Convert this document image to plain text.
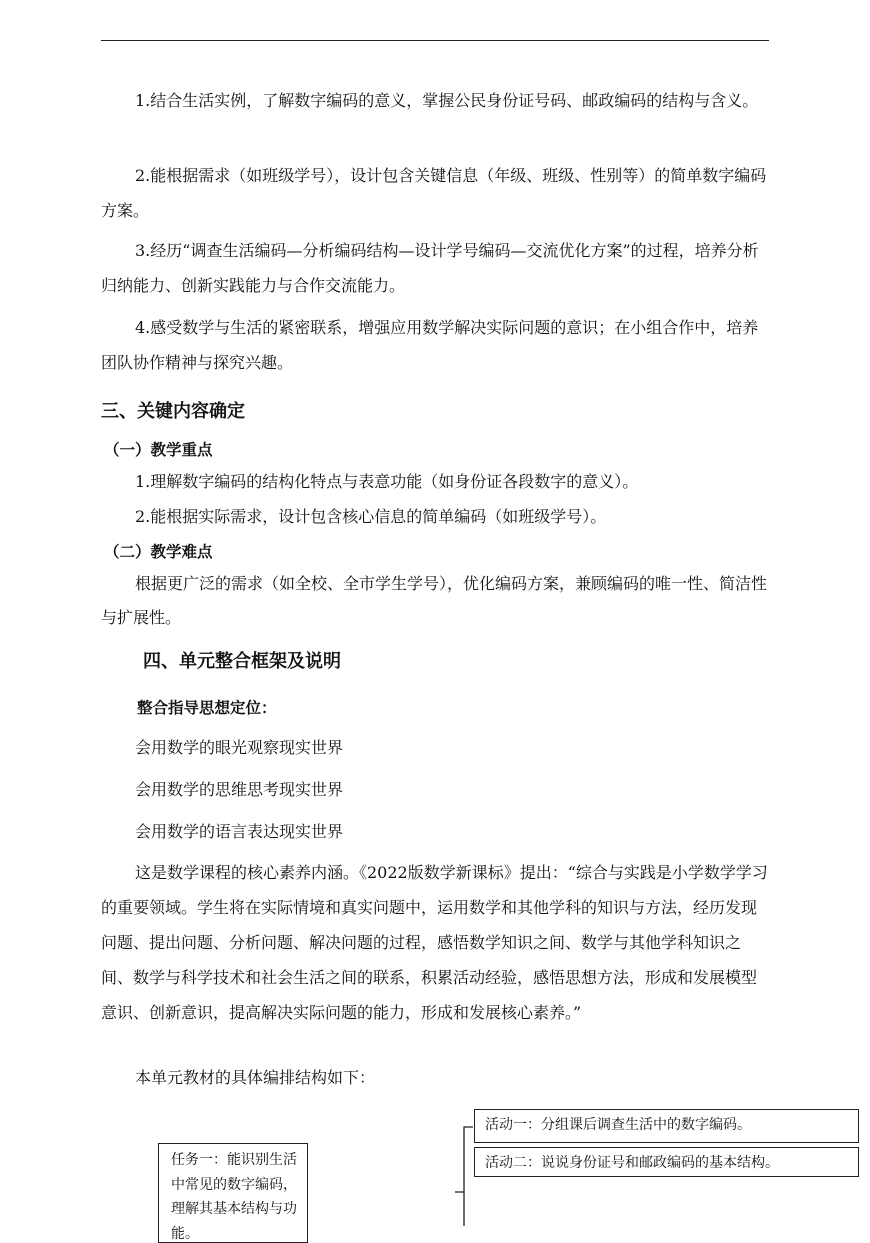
1.结合生活实例，了解数字编码的意义，掌握公民身份证号码、邮政编码的结构与含义。

2.能根据需求（如班级学号），设计包含关键信息（年级、班级、性别等）的简单数字编码方案。

3.经历“调查生活编码—分析编码结构—设计学号编码—交流优化方案”的过程，培养分析归纳能力、创新实践能力与合作交流能力。

4.感受数学与生活的紧密联系，增强应用数学解决实际问题的意识；在小组合作中，培养团队协作精神与探究兴趣。

三、关键内容确定
（一）教学重点

1.理解数字编码的结构化特点与表意功能（如身份证各段数字的意义）。

2.能根据实际需求，设计包含核心信息的简单编码（如班级学号）。

（二）教学难点

根据更广泛的需求（如全校、全市学生学号），优化编码方案，兼顾编码的唯一性、简洁性与扩展性。

四、单元整合框架及说明
整合指导思想定位：

会用数学的眼光观察现实世界

会用数学的思维思考现实世界

会用数学的语言表达现实世界

这是数学课程的核心素养内涵。《2022版数学新课标》提出：“综合与实践是小学数学学习的重要领域。学生将在实际情境和真实问题中，运用数学和其他学科的知识与方法，经历发现问题、提出问题、分析问题、解决问题的过程，感悟数学知识之间、数学与其他学科知识之间、数学与科学技术和社会生活之间的联系，积累活动经验，感悟思想方法，形成和发展模型意识、创新意识，提高解决实际问题的能力，形成和发展核心素养。”

本单元教材的具体编排结构如下：

任务一：能识别生活中常见的数字编码，理解其基本结构与功能。
活动一：分组课后调查生活中的数字编码。
活动二：说说身份证号和邮政编码的基本结构。
